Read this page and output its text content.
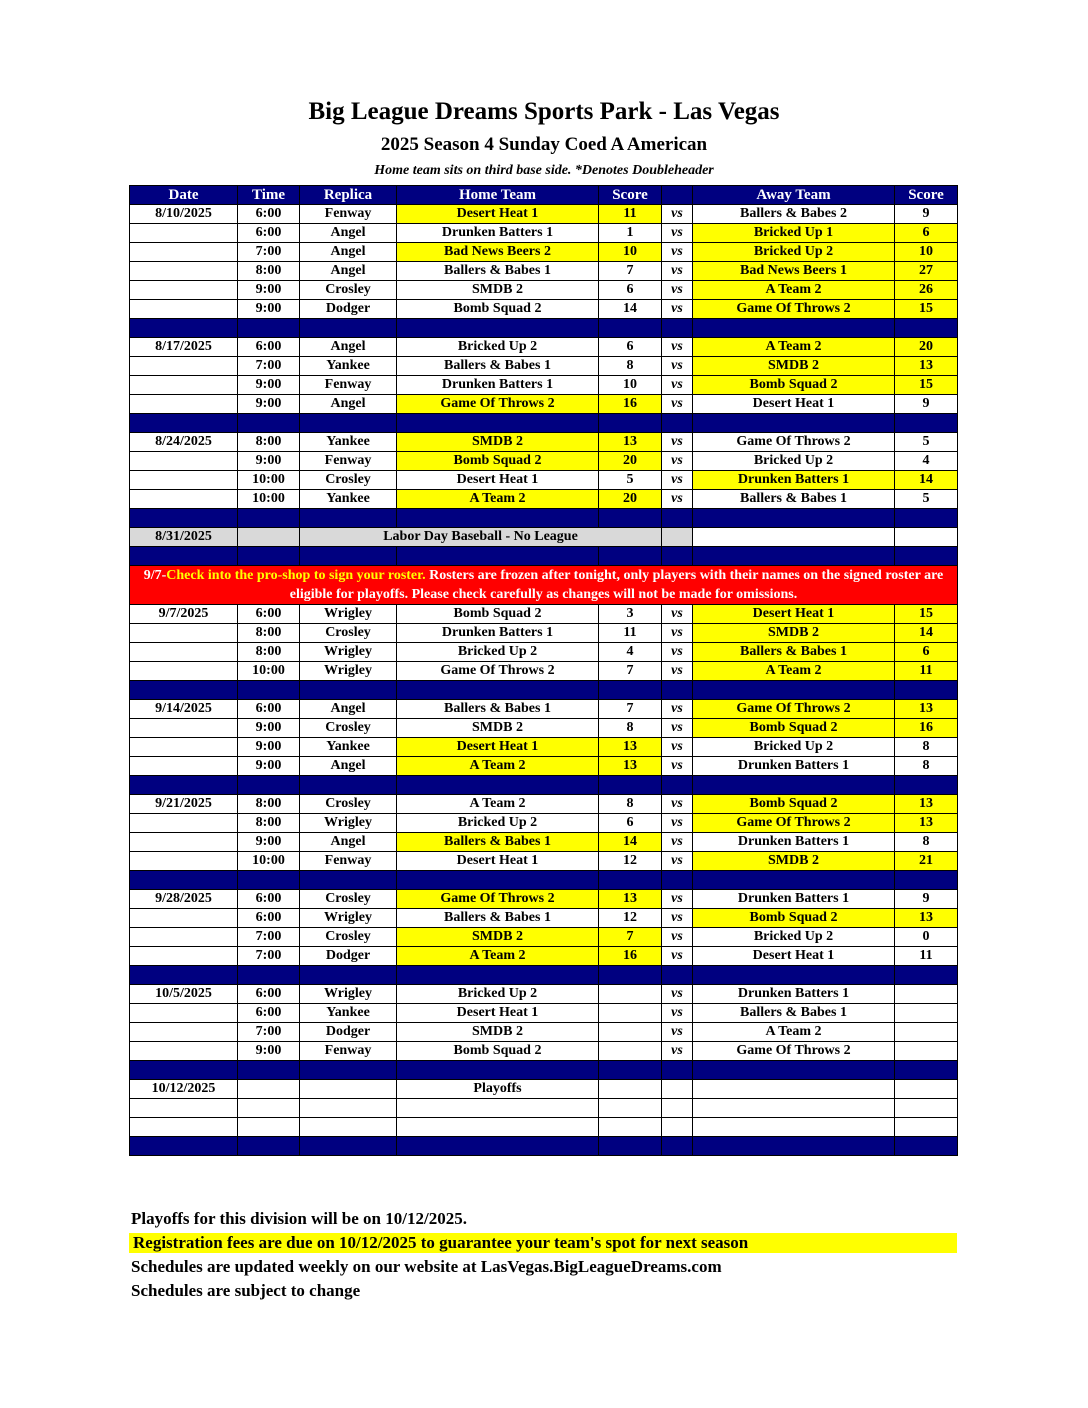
Big League Dreams Sports Park - Las Vegas
2025 Season 4 Sunday Coed A American
Home team sits on third base side. *Denotes Doubleheader
Date	Time	Replica	Home Team	Score		Away Team	Score
8/10/2025	6:00	Fenway	Desert Heat 1	11	vs	Ballers & Babes 2	9
	6:00	Angel	Drunken Batters 1	1	vs	Bricked Up 1	6
	7:00	Angel	Bad News Beers 2	10	vs	Bricked Up 2	10
	8:00	Angel	Ballers & Babes 1	7	vs	Bad News Beers 1	27
	9:00	Crosley	SMDB 2	6	vs	A Team 2	26
	9:00	Dodger	Bomb Squad 2	14	vs	Game Of Throws 2	15

8/17/2025	6:00	Angel	Bricked Up 2	6	vs	A Team 2	20
	7:00	Yankee	Ballers & Babes 1	8	vs	SMDB 2	13
	9:00	Fenway	Drunken Batters 1	10	vs	Bomb Squad 2	15
	9:00	Angel	Game Of Throws 2	16	vs	Desert Heat 1	9

8/24/2025	8:00	Yankee	SMDB 2	13	vs	Game Of Throws 2	5
	9:00	Fenway	Bomb Squad 2	20	vs	Bricked Up 2	4
	10:00	Crosley	Desert Heat 1	5	vs	Drunken Batters 1	14
	10:00	Yankee	A Team 2	20	vs	Ballers & Babes 1	5

8/31/2025		Labor Day Baseball - No League					

9/7-Check into the pro-shop to sign your roster. Rosters are frozen after tonight, only players with their names on the signed roster are eligible for playoffs. Please check carefully as changes will not be made for omissions.							
9/7/2025	6:00	Wrigley	Bomb Squad 2	3	vs	Desert Heat 1	15
	8:00	Crosley	Drunken Batters 1	11	vs	SMDB 2	14
	8:00	Wrigley	Bricked Up 2	4	vs	Ballers & Babes 1	6
	10:00	Wrigley	Game Of Throws 2	7	vs	A Team 2	11

9/14/2025	6:00	Angel	Ballers & Babes 1	7	vs	Game Of Throws 2	13
	9:00	Crosley	SMDB 2	8	vs	Bomb Squad 2	16
	9:00	Yankee	Desert Heat 1	13	vs	Bricked Up 2	8
	9:00	Angel	A Team 2	13	vs	Drunken Batters 1	8

9/21/2025	8:00	Crosley	A Team 2	8	vs	Bomb Squad 2	13
	8:00	Wrigley	Bricked Up 2	6	vs	Game Of Throws 2	13
	9:00	Angel	Ballers & Babes 1	14	vs	Drunken Batters 1	8
	10:00	Fenway	Desert Heat 1	12	vs	SMDB 2	21

9/28/2025	6:00	Crosley	Game Of Throws 2	13	vs	Drunken Batters 1	9
	6:00	Wrigley	Ballers & Babes 1	12	vs	Bomb Squad 2	13
	7:00	Crosley	SMDB 2	7	vs	Bricked Up 2	0
	7:00	Dodger	A Team 2	16	vs	Desert Heat 1	11

10/5/2025	6:00	Wrigley	Bricked Up 2		vs	Drunken Batters 1	
	6:00	Yankee	Desert Heat 1		vs	Ballers & Babes 1	
	7:00	Dodger	SMDB 2		vs	A Team 2	
	9:00	Fenway	Bomb Squad 2		vs	Game Of Throws 2	

10/12/2025			Playoffs				

Playoffs for this division will be on 10/12/2025.
Registration fees are due on 10/12/2025 to guarantee your team's spot for next season
Schedules are updated weekly on our website at LasVegas.BigLeagueDreams.com
Schedules are subject to change
